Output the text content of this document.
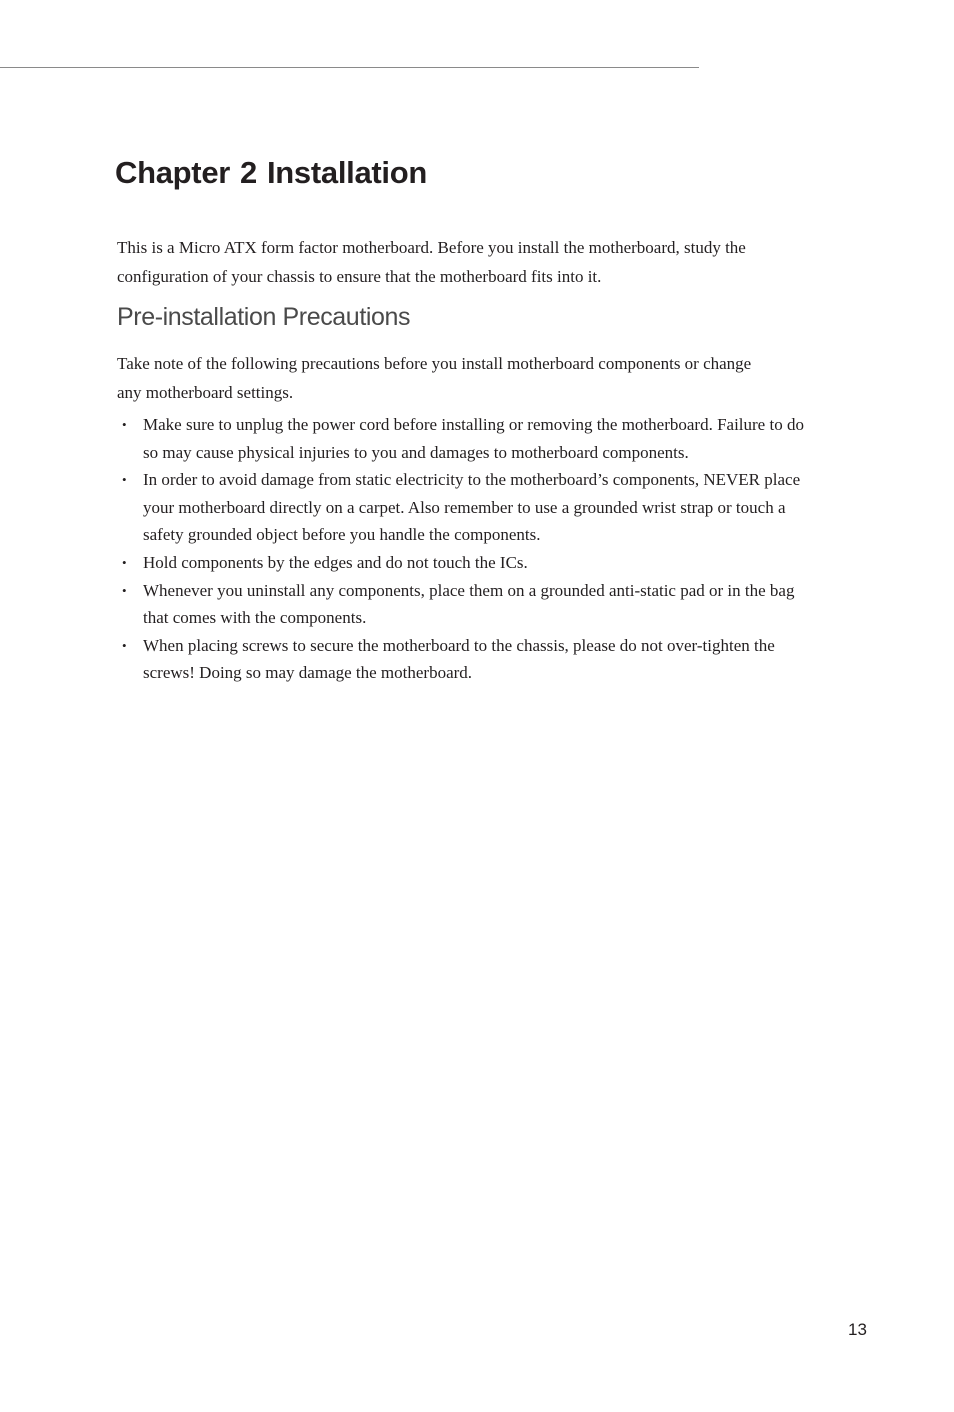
Chapter 2 Installation

This is a Micro ATX form factor motherboard. Before you install the motherboard, study the configuration of your chassis to ensure that the motherboard fits into it.

Pre-installation Precautions

Take note of the following precautions before you install motherboard components or change any motherboard settings.

• Make sure to unplug the power cord before installing or removing the motherboard. Failure to do so may cause physical injuries to you and damages to motherboard components.
• In order to avoid damage from static electricity to the motherboard’s components, NEVER place your motherboard directly on a carpet. Also remember to use a grounded wrist strap or touch a safety grounded object before you handle the components.
• Hold components by the edges and do not touch the ICs.
• Whenever you uninstall any components, place them on a grounded anti-static pad or in the bag that comes with the components.
• When placing screws to secure the motherboard to the chassis, please do not over-tighten the screws! Doing so may damage the motherboard.
13
